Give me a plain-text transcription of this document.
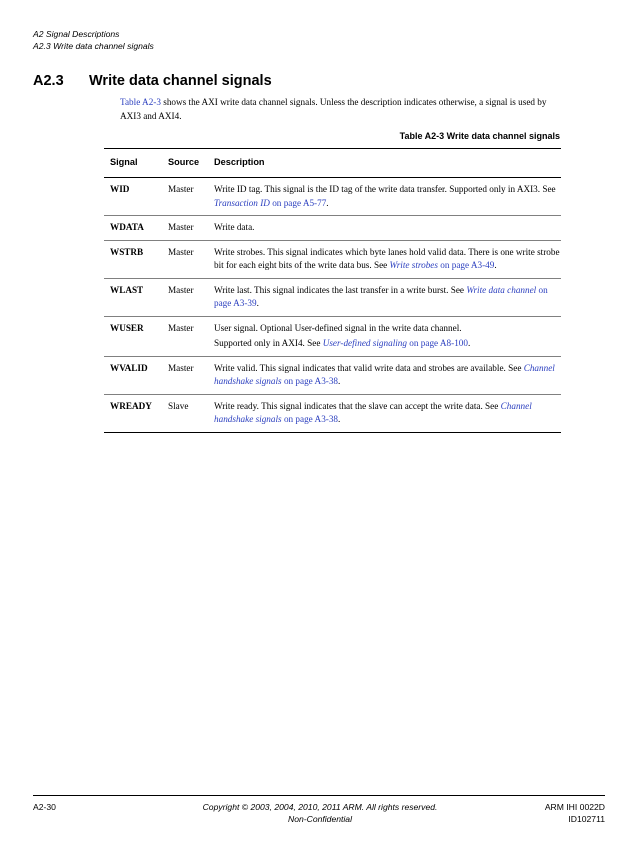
A2 Signal Descriptions
A2.3 Write data channel signals
A2.3 Write data channel signals
Table A2-3 shows the AXI write data channel signals. Unless the description indicates otherwise, a signal is used by AXI3 and AXI4.
Table A2-3 Write data channel signals
Signal	Source	Description
WID	Master	Write ID tag. This signal is the ID tag of the write data transfer. Supported only in AXI3. See Transaction ID on page A5-77.
WDATA	Master	Write data.
WSTRB	Master	Write strobes. This signal indicates which byte lanes hold valid data. There is one write strobe bit for each eight bits of the write data bus. See Write strobes on page A3-49.
WLAST	Master	Write last. This signal indicates the last transfer in a write burst. See Write data channel on page A3-39.
WUSER	Master	User signal. Optional User-defined signal in the write data channel.
Supported only in AXI4. See User-defined signaling on page A8-100.

WVALID	Master	Write valid. This signal indicates that valid write data and strobes are available. See Channel handshake signals on page A3-38.
WREADY	Slave	Write ready. This signal indicates that the slave can accept the write data. See Channel handshake signals on page A3-38.
A2-30	Copyright © 2003, 2004, 2010, 2011 ARM. All rights reserved.
Non-Confidential
ARM IHI 0022D
ID102711
